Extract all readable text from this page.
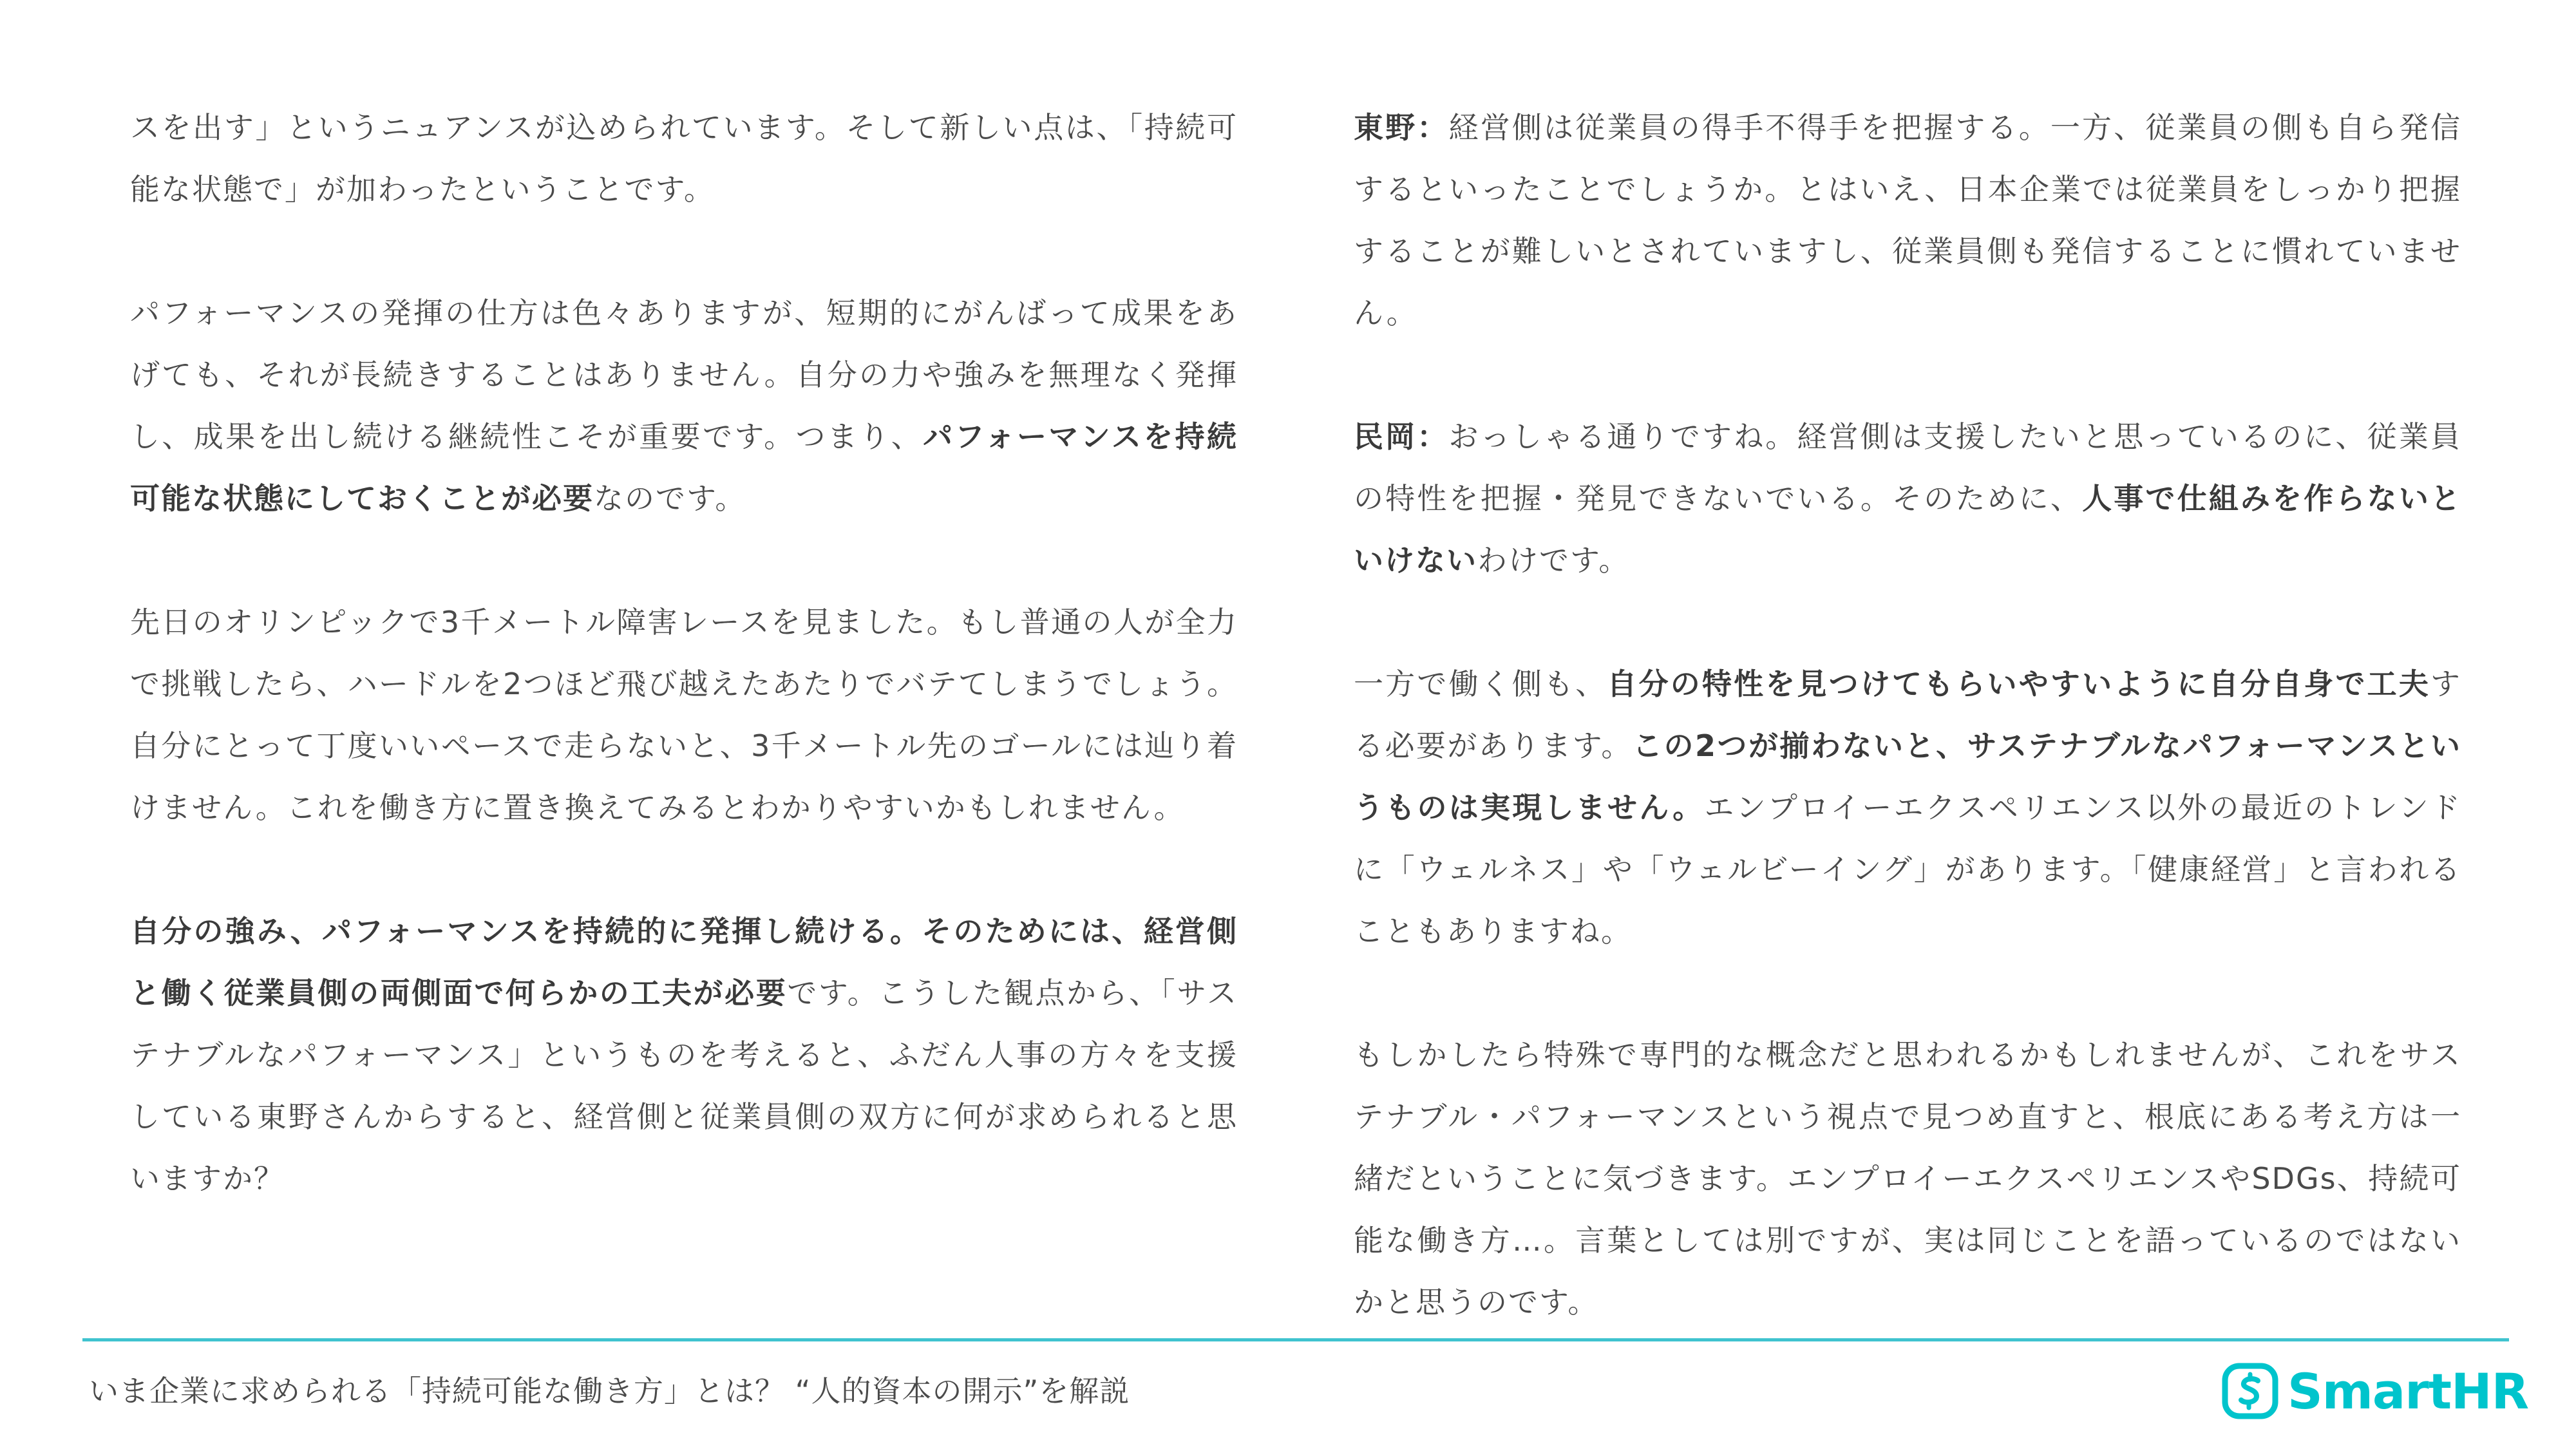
スを出す」というニュアンスが込められています。そして新しい点は、「持続可能な状態で」が加わったということです。

パフォーマンスの発揮の仕方は色々ありますが、短期的にがんばって成果をあげても、それが長続きすることはありません。自分の力や強みを無理なく発揮し、成果を出し続ける継続性こそが重要です。つまり、パフォーマンスを持続可能な状態にしておくことが必要なのです。

先日のオリンピックで3千メートル障害レースを見ました。もし普通の人が全力で挑戦したら、ハードルを2つほど飛び越えたあたりでバテてしまうでしょう。自分にとって丁度いいペースで走らないと、3千メートル先のゴールには辿り着けません。これを働き方に置き換えてみるとわかりやすいかもしれません。

自分の強み、パフォーマンスを持続的に発揮し続ける。そのためには、経営側と働く従業員側の両側面で何らかの工夫が必要です。こうした観点から、「サステナブルなパフォーマンス」というものを考えると、ふだん人事の方々を支援している東野さんからすると、経営側と従業員側の双方に何が求められると思いますか？

東野：経営側は従業員の得手不得手を把握する。一方、従業員の側も自ら発信するといったことでしょうか。とはいえ、日本企業では従業員をしっかり把握することが難しいとされていますし、従業員側も発信することに慣れていません。

民岡：おっしゃる通りですね。経営側は支援したいと思っているのに、従業員の特性を把握・発見できないでいる。そのために、人事で仕組みを作らないといけないわけです。

一方で働く側も、自分の特性を見つけてもらいやすいように自分自身で工夫する必要があります。この2つが揃わないと、サステナブルなパフォーマンスというものは実現しません。エンプロイーエクスペリエンス以外の最近のトレンドに「ウェルネス」や「ウェルビーイング」があります。「健康経営」と言われることもありますね。

もしかしたら特殊で専門的な概念だと思われるかもしれませんが、これをサステナブル・パフォーマンスという視点で見つめ直すと、根底にある考え方は一緒だということに気づきます。エンプロイーエクスペリエンスやSDGs、持続可能な働き方…。言葉としては別ですが、実は同じことを語っているのではないかと思うのです。

いま企業に求められる「持続可能な働き方」とは？ “人的資本の開示”を解説	SmartHR
